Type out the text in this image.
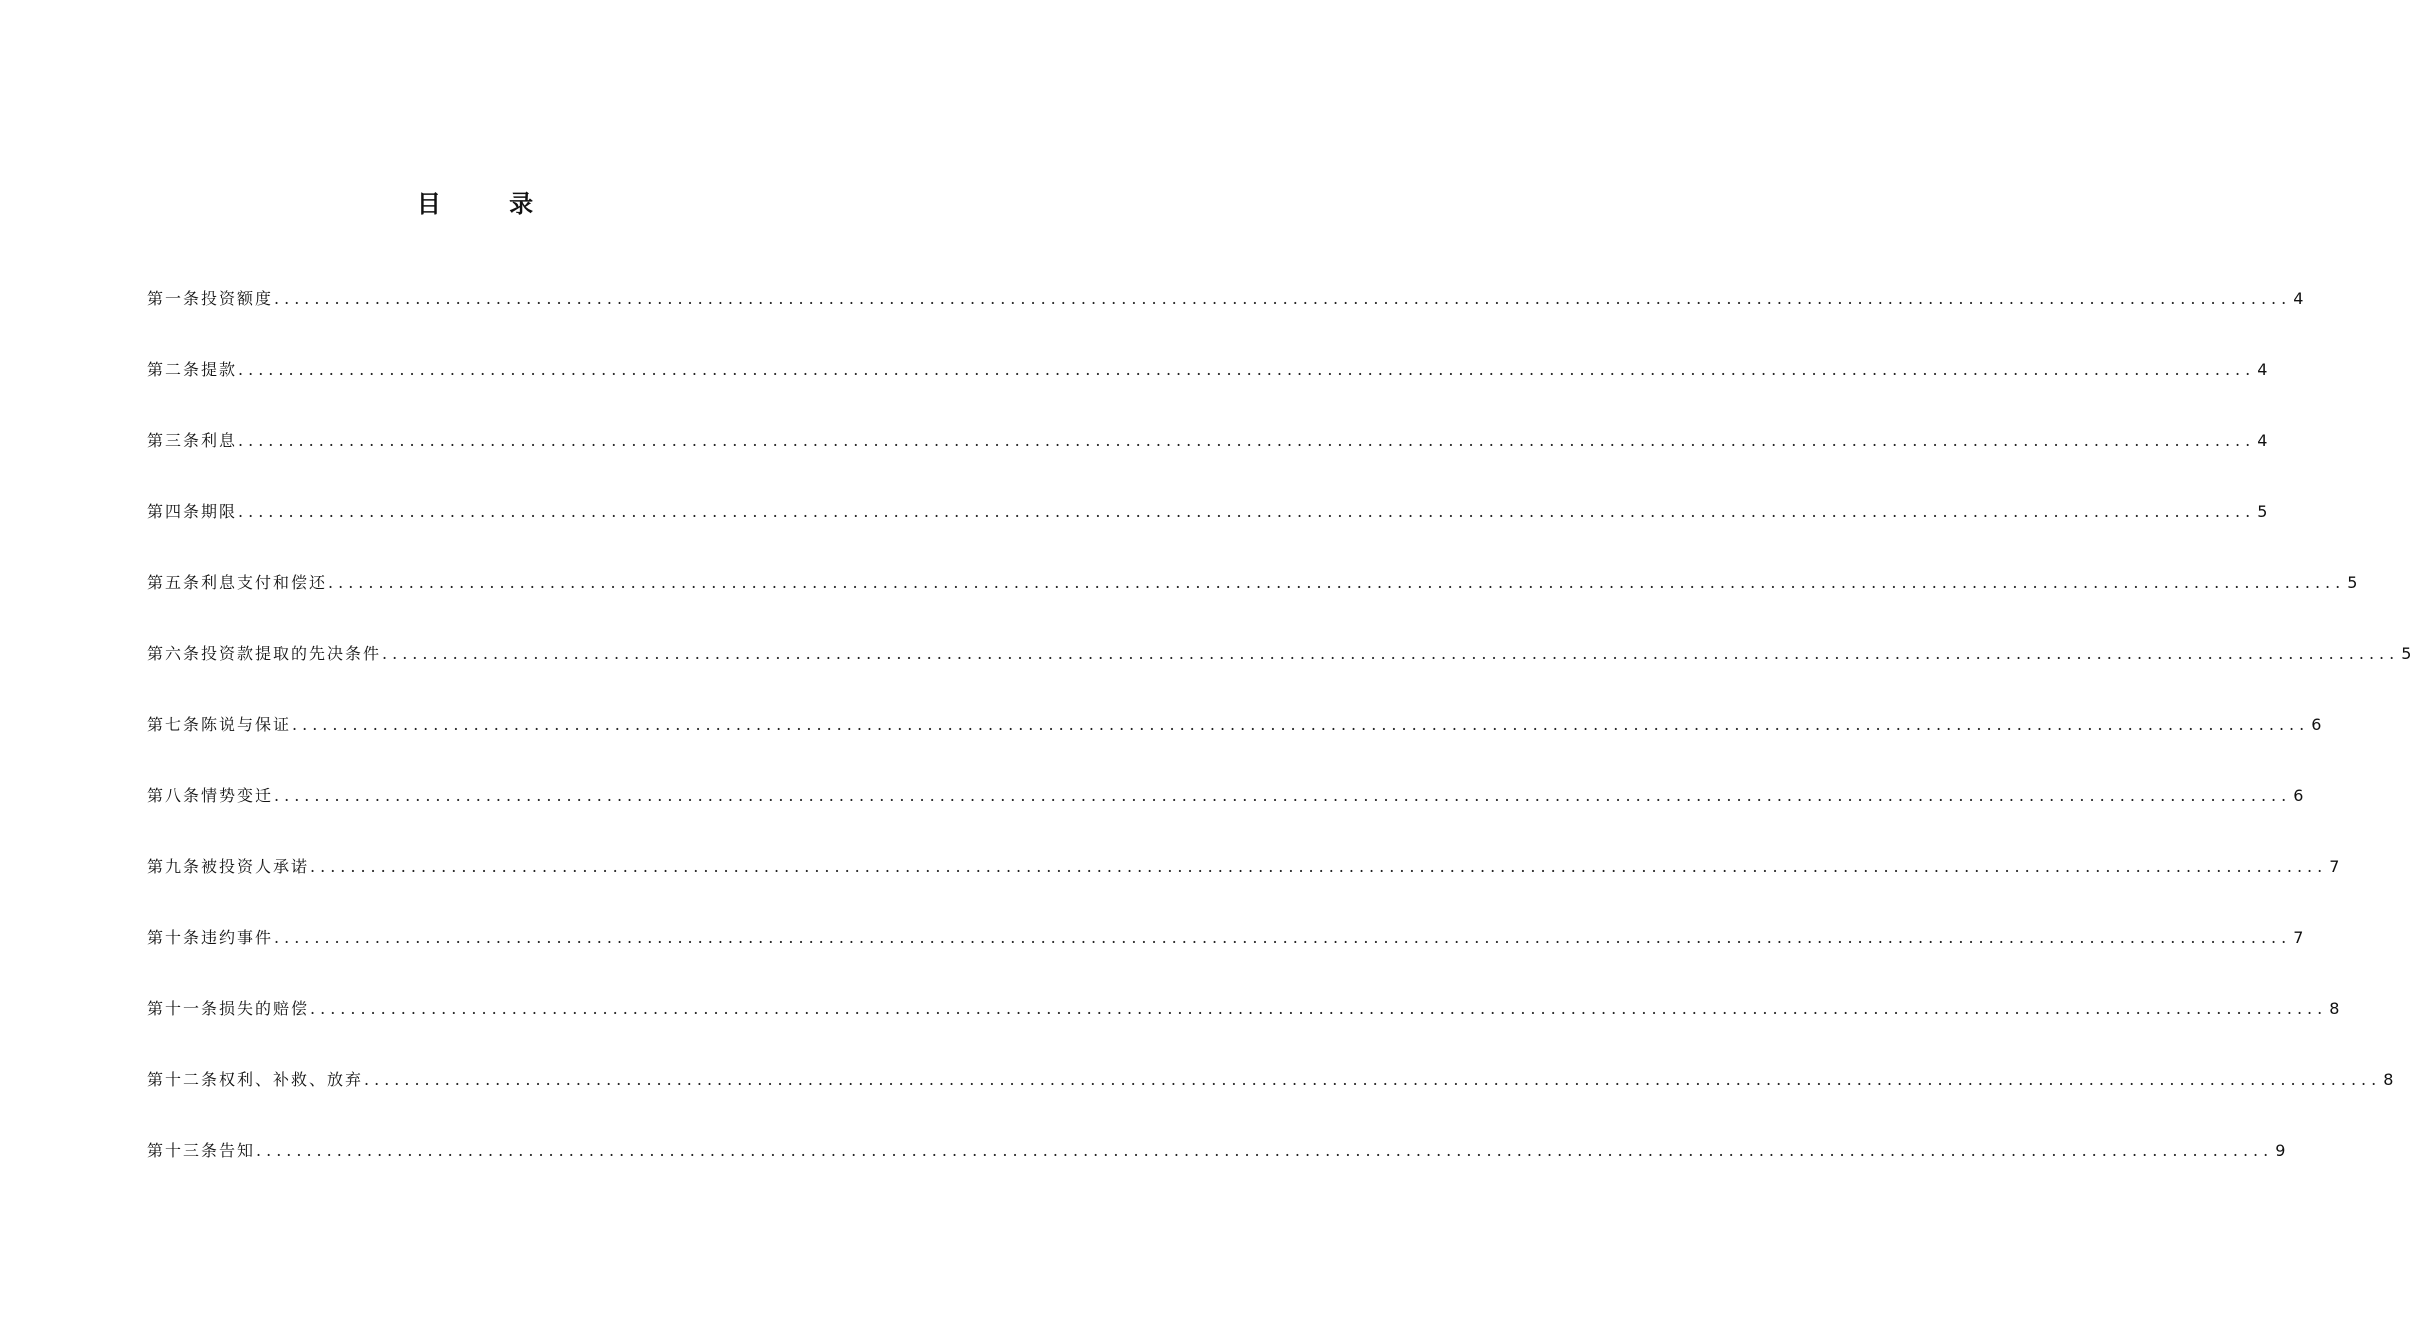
目 录
第一条 投资额度 ........................................................................................................................................................................................................ 4
第二条 提款 ........................................................................................................................................................................................................ 4
第三条 利息 ........................................................................................................................................................................................................ 4
第四条 期限 ........................................................................................................................................................................................................ 5
第五条 利息支付和偿还 ........................................................................................................................................................................................................ 5
第六条 投资款提取的先决条件 ........................................................................................................................................................................................................ 5
第七条 陈说与保证 ........................................................................................................................................................................................................ 6
第八条 情势变迁 ........................................................................................................................................................................................................ 6
第九条 被投资人承诺 ........................................................................................................................................................................................................ 7
第十条 违约事件 ........................................................................................................................................................................................................ 7
第十一条 损失的赔偿 ........................................................................................................................................................................................................ 8
第十二条 权利、补救、放弃 ........................................................................................................................................................................................................ 8
第十三条 告知 ........................................................................................................................................................................................................ 9
